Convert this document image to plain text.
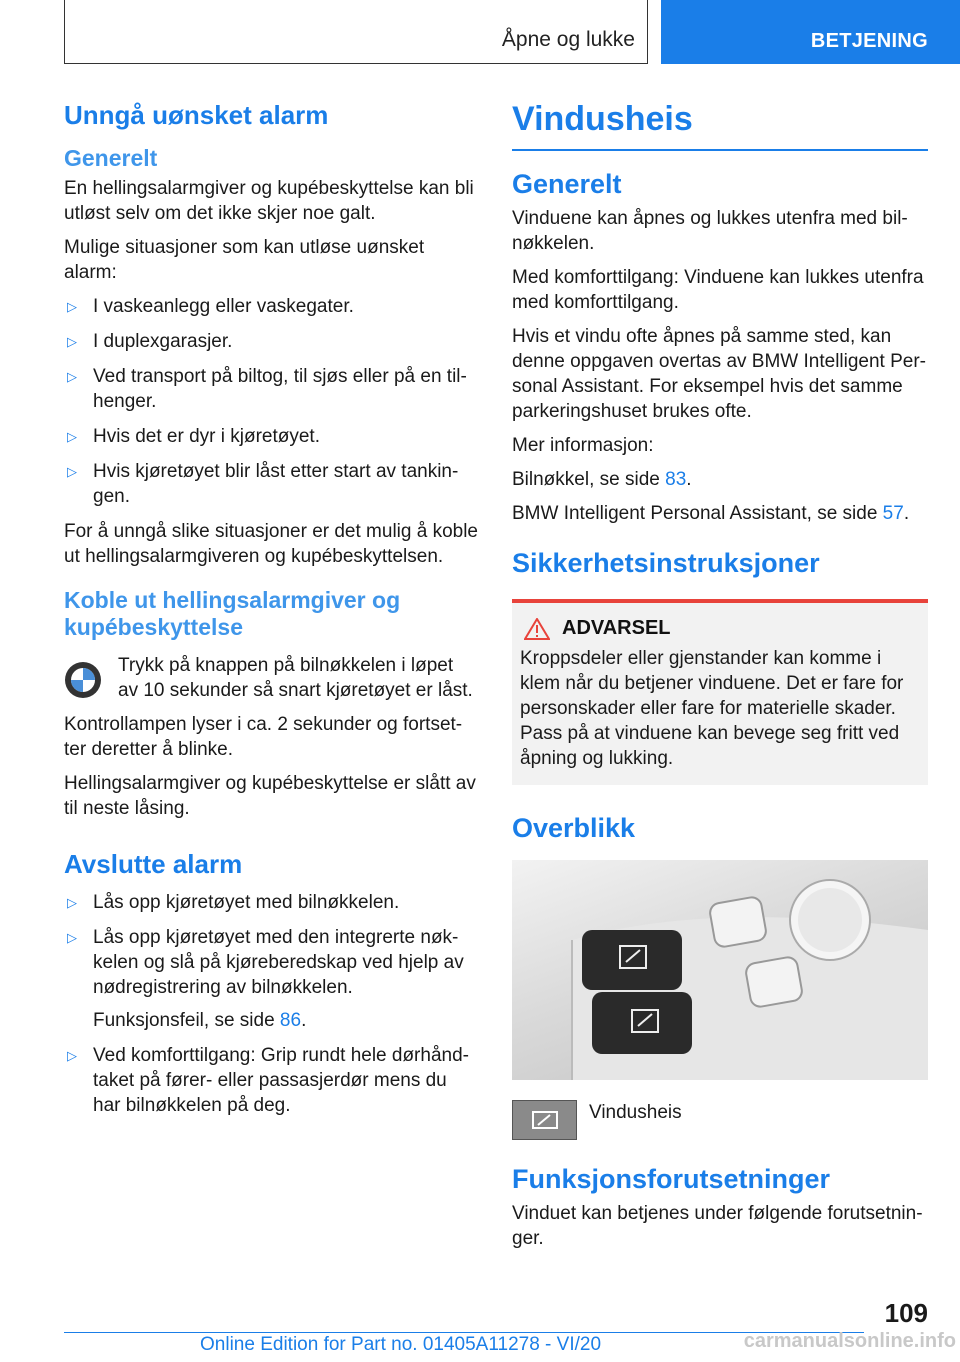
Åpne og lukke	BETJENING
Unngå uønsket alarm
Generelt

En hellingsalarmgiver og kupébeskyttelse kan bli utløst selv om det ikke skjer noe galt.

Mulige situasjoner som kan utløse uønsket alarm:

▷ I vaskeanlegg eller vaskegater.
▷ I duplexgarasjer.
▷ Ved transport på biltog, til sjøs eller på en til-henger.
▷ Hvis det er dyr i kjøretøyet.
▷ Hvis kjøretøyet blir låst etter start av tankin-gen.

For å unngå slike situasjoner er det mulig å koble ut hellingsalarmgiveren og kupébeskyttelsen.

Koble ut hellingsalarmgiver og kupébeskyttelse

Trykk på knappen på bilnøkkelen i løpet av 10 sekunder så snart kjøretøyet er låst.

Kontrollampen lyser i ca. 2 sekunder og fortset-ter deretter å blinke.

Hellingsalarmgiver og kupébeskyttelse er slått av til neste låsing.

Avslutte alarm
▷ Lås opp kjøretøyet med bilnøkkelen.
▷ Lås opp kjøretøyet med den integrerte nøk-kelen og slå på kjøreberedskap ved hjelp av nødregistrering av bilnøkkelen.
Funksjonsfeil, se side 86.
▷ Ved komforttilgang: Grip rundt hele dørhånd-taket på fører- eller passasjerdør mens du har bilnøkkelen på deg.
Vindusheis
Generelt

Vinduene kan åpnes og lukkes utenfra med bil-nøkkelen.

Med komforttilgang: Vinduene kan lukkes utenfra med komforttilgang.

Hvis et vindu ofte åpnes på samme sted, kan denne oppgaven overtas av BMW Intelligent Per-sonal Assistant. For eksempel hvis det samme parkeringshuset brukes ofte.

Mer informasjon:

Bilnøkkel, se side 83.

BMW Intelligent Personal Assistant, se side 57.

Sikkerhetsinstruksjoner
ADVARSEL

Kroppsdeler eller gjenstander kan komme i klem når du betjener vinduene. Det er fare for personskader eller fare for materielle skader. Pass på at vinduene kan bevege seg fritt ved åpning og lukking.

Overblikk

Vindusheis

Funksjonsforutsetninger

Vinduet kan betjenes under følgende forutsetnin-ger.

109
Online Edition for Part no. 01405A11278 - VI/20	carmanualsonline.info
